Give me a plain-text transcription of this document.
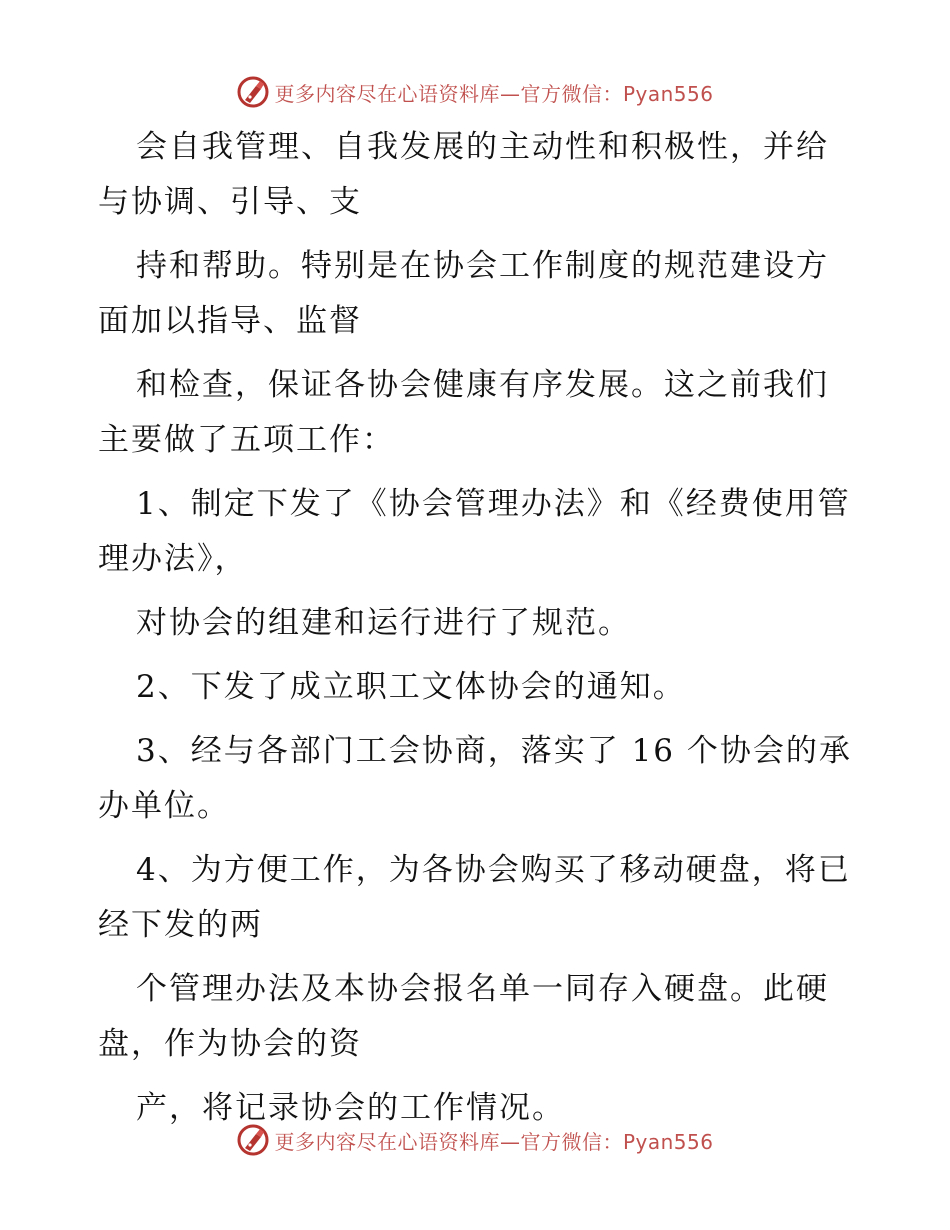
更多内容尽在心语资料库—官方微信：Pyan556

会自我管理、自我发展的主动性和积极性，并给与协调、引导、支

持和帮助。特别是在协会工作制度的规范建设方面加以指导、监督

和检查，保证各协会健康有序发展。这之前我们主要做了五项工作：

1、制定下发了《协会管理办法》和《经费使用管理办法》，

对协会的组建和运行进行了规范。

2、下发了成立职工文体协会的通知。

3、经与各部门工会协商，落实了 16 个协会的承办单位。

4、为方便工作，为各协会购买了移动硬盘，将已经下发的两

个管理办法及本协会报名单一同存入硬盘。此硬盘，作为协会的资

产，将记录协会的工作情况。

更多内容尽在心语资料库—官方微信：Pyan556
